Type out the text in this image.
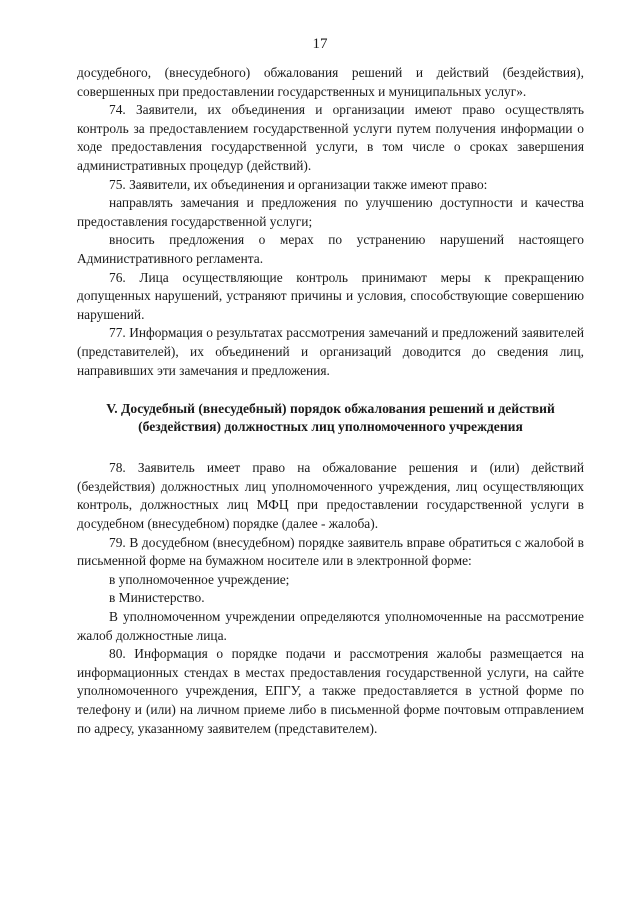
17

досудебного, (внесудебного) обжалования решений и действий (бездействия), совершенных при предоставлении государственных и муниципальных услуг».

74. Заявители, их объединения и организации имеют право осуществлять контроль за предоставлением государственной услуги путем получения информации о ходе предоставления государственной услуги, в том числе о сроках завершения административных процедур (действий).

75. Заявители, их объединения и организации также имеют право:

направлять замечания и предложения по улучшению доступности и качества предоставления государственной услуги;

вносить предложения о мерах по устранению нарушений настоящего Административного регламента.

76. Лица осуществляющие контроль принимают меры к прекращению допущенных нарушений, устраняют причины и условия, способствующие совершению нарушений.

77. Информация о результатах рассмотрения замечаний и предложений заявителей (представителей), их объединений и организаций доводится до сведения лиц, направивших эти замечания и предложения.

V. Досудебный (внесудебный) порядок обжалования решений и действий (бездействия) должностных лиц уполномоченного учреждения

78. Заявитель имеет право на обжалование решения и (или) действий (бездействия) должностных лиц уполномоченного учреждения, лиц осуществляющих контроль, должностных лиц МФЦ при предоставлении государственной услуги в досудебном (внесудебном) порядке (далее - жалоба).

79. В досудебном (внесудебном) порядке заявитель вправе обратиться с жалобой в письменной форме на бумажном носителе или в электронной форме:

в уполномоченное учреждение;

в Министерство.

В уполномоченном учреждении определяются уполномоченные на рассмотрение жалоб должностные лица.

80. Информация о порядке подачи и рассмотрения жалобы размещается на информационных стендах в местах предоставления государственной услуги, на сайте уполномоченного учреждения, ЕПГУ, а также предоставляется в устной форме по телефону и (или) на личном приеме либо в письменной форме почтовым отправлением по адресу, указанному заявителем (представителем).
